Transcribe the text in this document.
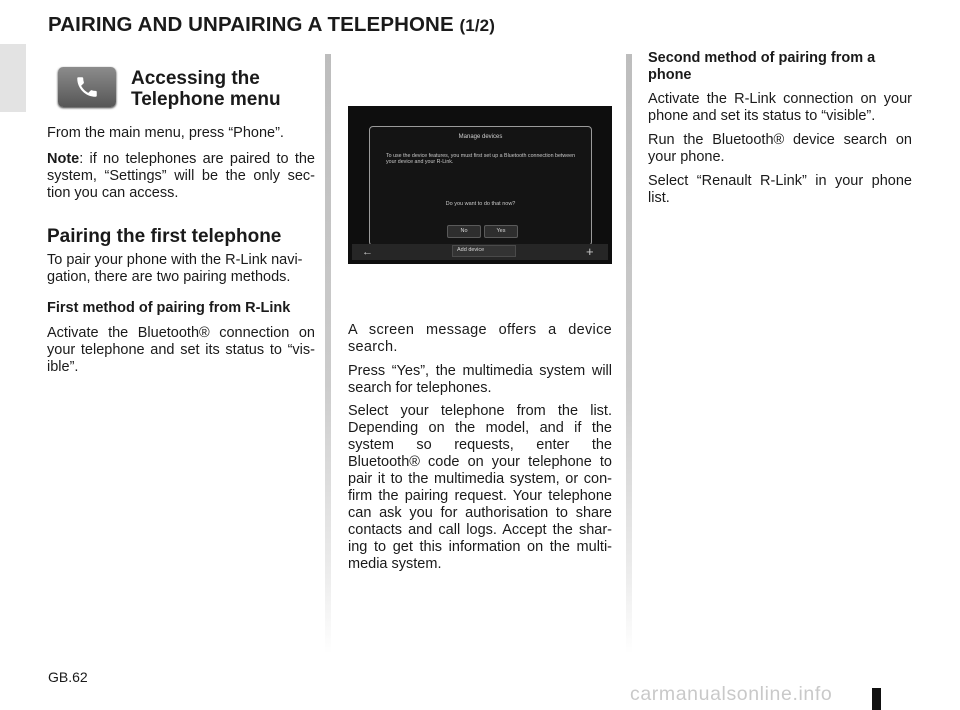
PAIRING AND UNPAIRING A TELEPHONE (1/2)
Accessing the Telephone menu
From the main menu, press “Phone”.
Note: if no telephones are paired to the system, “Settings” will be the only sec-tion you can access.
Pairing the first telephone
To pair your phone with the R-Link navi-gation, there are two pairing methods.
First method of pairing from R-Link
Activate the Bluetooth® connection on your telephone and set its status to “vis-ible”.
Manage devices
To use the device features, you must first set up a Bluetooth connection between your device and your R-Link.
Do you want to do that now?
No	Yes
←	Add device	+
A screen message offers a device search.
Press “Yes”, the multimedia system will search for telephones.
Select your telephone from the list. Depending on the model, and if the system so requests, enter the Bluetooth® code on your telephone to pair it to the multimedia system, or con-firm the pairing request. Your telephone can ask you for authorisation to share contacts and call logs. Accept the shar-ing to get this information on the multi-media system.
Second method of pairing from a phone
Activate the R-Link connection on your phone and set its status to “visible”.
Run the Bluetooth® device search on your phone.
Select “Renault R-Link” in your phone list.
GB.62
carmanualsonline.info
